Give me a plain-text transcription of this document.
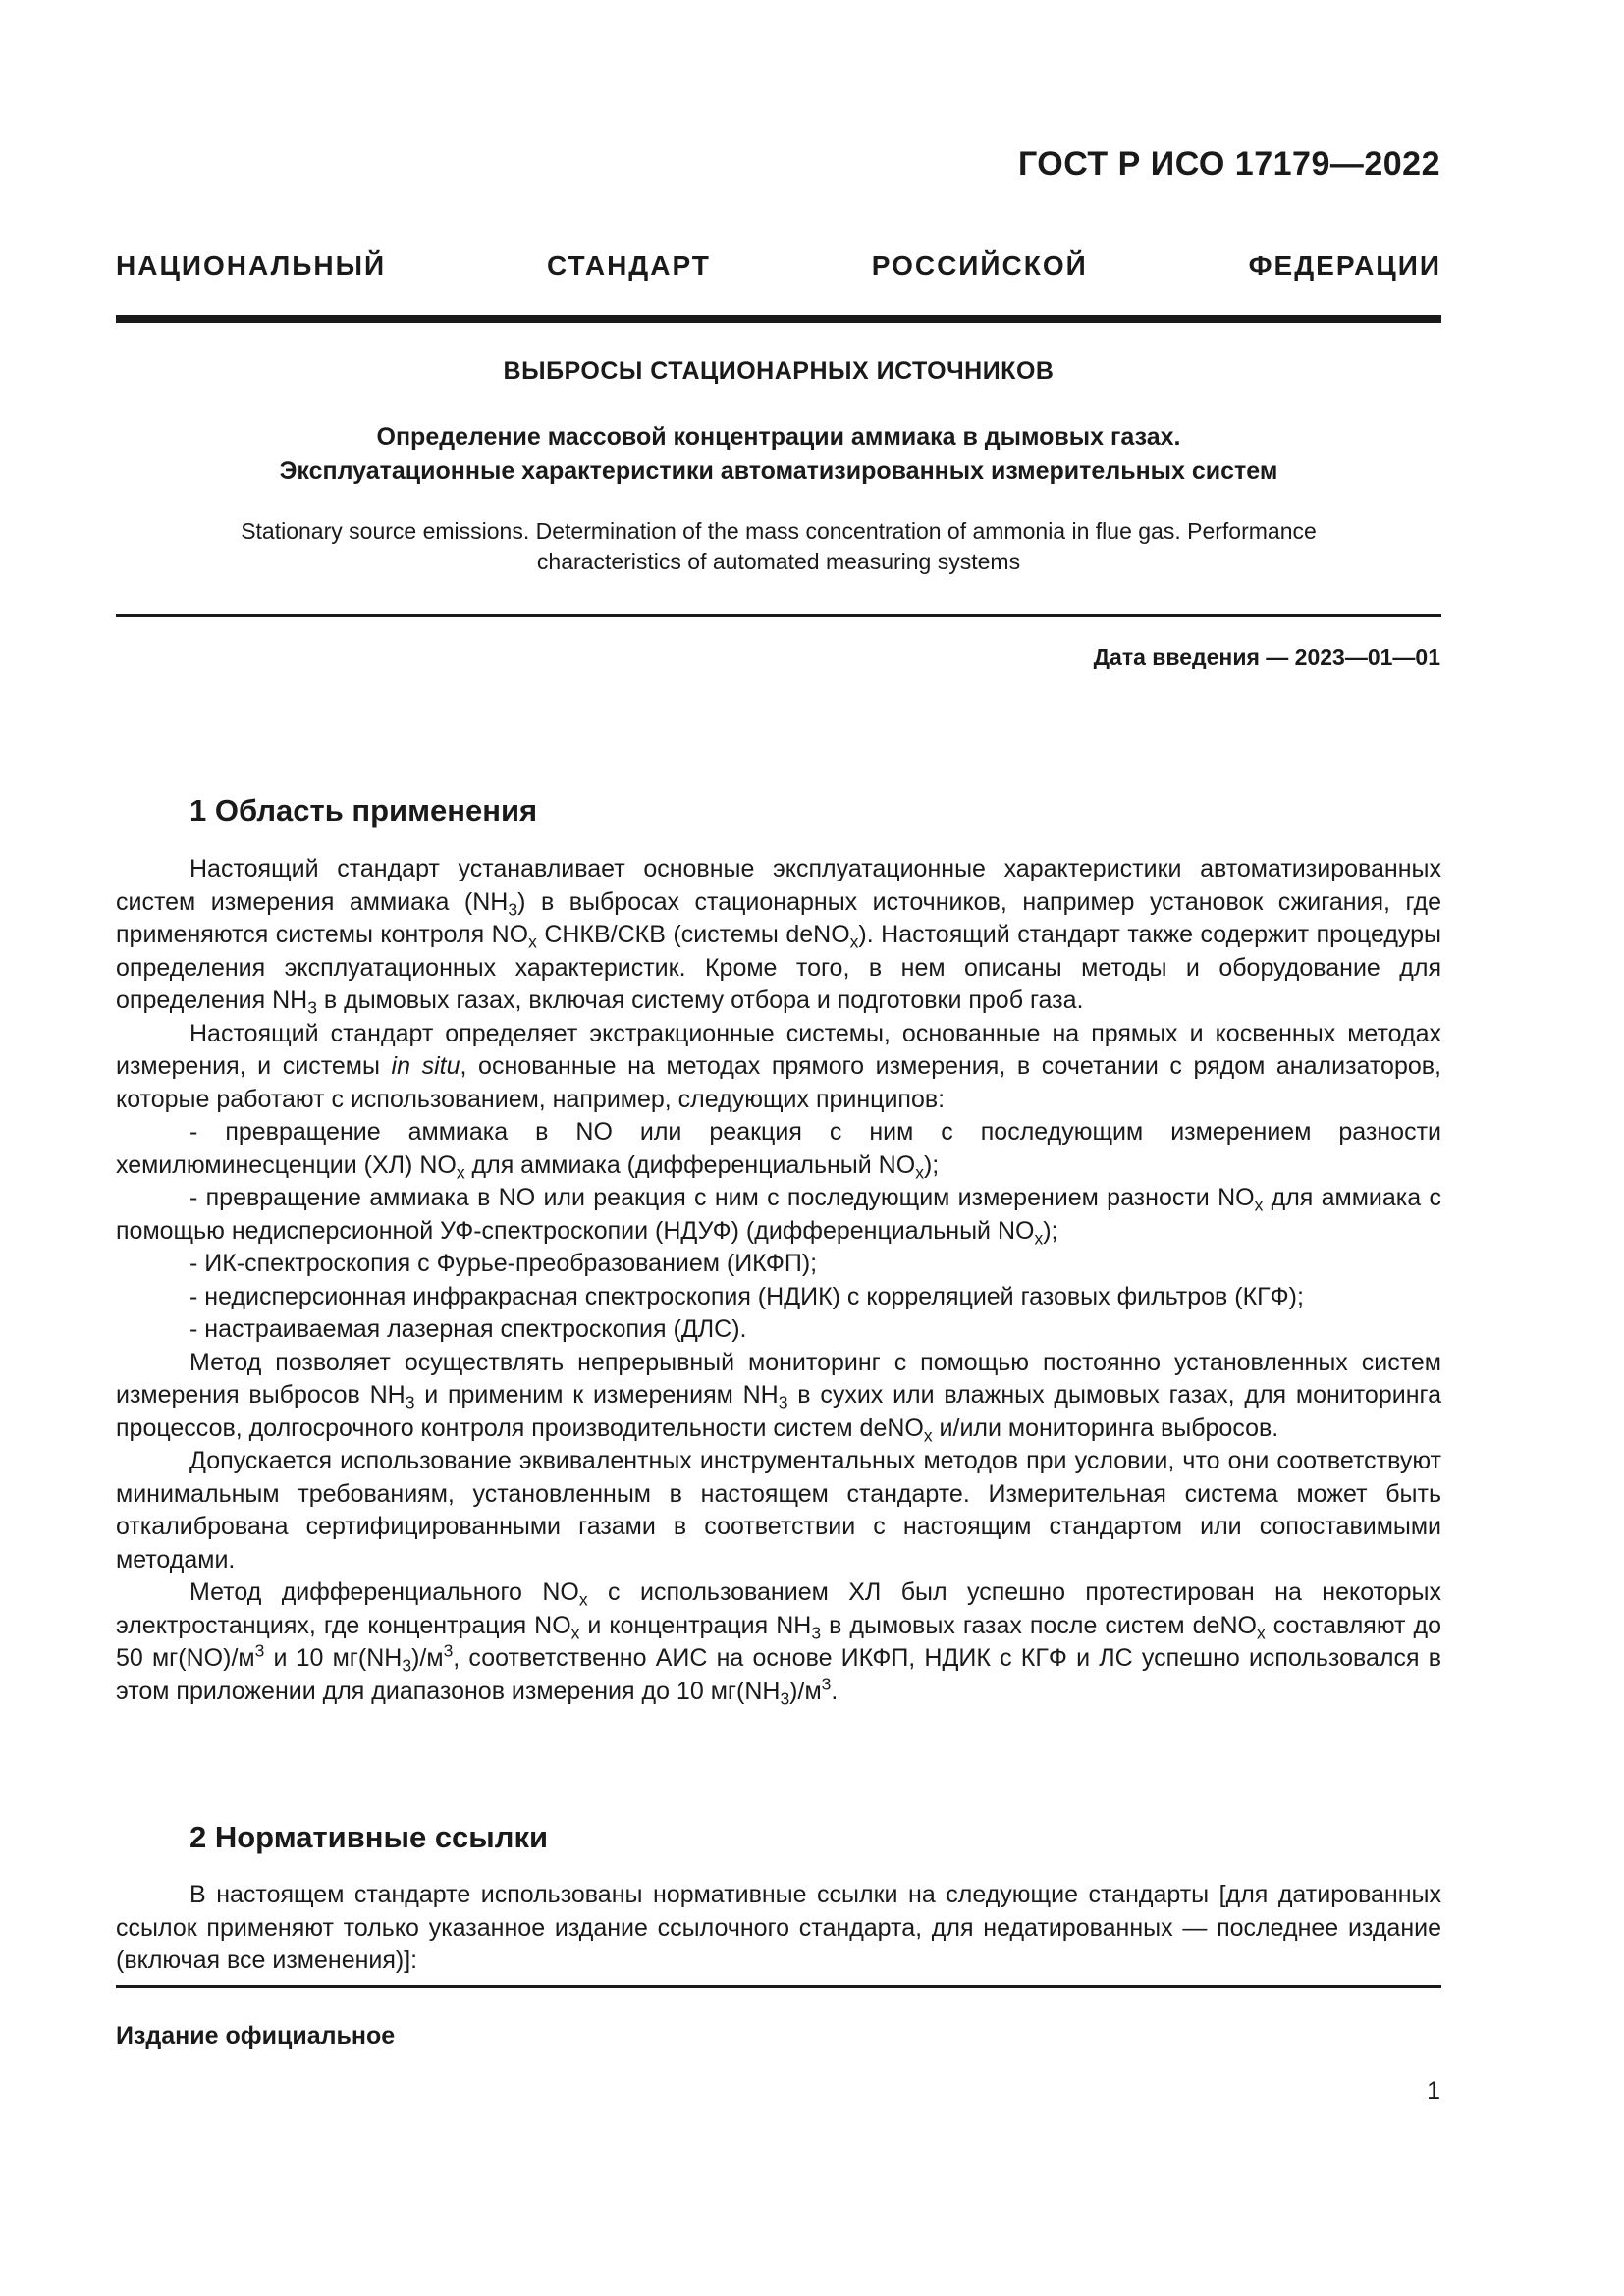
ГОСТ Р ИСО 17179—2022
НАЦИОНАЛЬНЫЙ СТАНДАРТ РОССИЙСКОЙ ФЕДЕРАЦИИ
ВЫБРОСЫ СТАЦИОНАРНЫХ ИСТОЧНИКОВ
Определение массовой концентрации аммиака в дымовых газах.
Эксплуатационные характеристики автоматизированных измерительных систем
Stationary source emissions. Determination of the mass concentration of ammonia in flue gas. Performance
characteristics of automated measuring systems
Дата введения — 2023—01—01
1 Область применения

Настоящий стандарт устанавливает основные эксплуатационные характеристики автоматизированных систем измерения аммиака $(NH_3)$ в выбросах стационарных источников, например установок сжигания, где применяются системы контроля $NO_x$ СНКВ/СКВ (системы deNO$_x$). Настоящий стандарт также содержит процедуры определения эксплуатационных характеристик. Кроме того, в нем описаны методы и оборудование для определения $NH_3$ в дымовых газах, включая систему отбора и подготовки проб газа.

Настоящий стандарт определяет экстракционные системы, основанные на прямых и косвенных методах измерения, и системы in situ, основанные на методах прямого измерения, в сочетании с рядом анализаторов, которые работают с использованием, например, следующих принципов:

- превращение аммиака в NO или реакция с ним с последующим измерением разности хемилюминесценции (ХЛ) $NO_x$ для аммиака (дифференциальный $NO_x$);

- превращение аммиака в NO или реакция с ним с последующим измерением разности $NO_x$ для аммиака с помощью недисперсионной УФ-спектроскопии (НДУФ) (дифференциальный $NO_x$);

- ИК-спектроскопия с Фурье-преобразованием (ИКФП);

- недисперсионная инфракрасная спектроскопия (НДИК) с корреляцией газовых фильтров (КГФ);

- настраиваемая лазерная спектроскопия (ДЛС).

Метод позволяет осуществлять непрерывный мониторинг с помощью постоянно установленных систем измерения выбросов $NH_3$ и применим к измерениям $NH_3$ в сухих или влажных дымовых газах, для мониторинга процессов, долгосрочного контроля производительности систем deNO$_x$ и/или мониторинга выбросов.

Допускается использование эквивалентных инструментальных методов при условии, что они соответствуют минимальным требованиям, установленным в настоящем стандарте. Измерительная система может быть откалибрована сертифицированными газами в соответствии с настоящим стандартом или сопоставимыми методами.

Метод дифференциального $NO_x$ с использованием ХЛ был успешно протестирован на некоторых электростанциях, где концентрация $NO_x$ и концентрация $NH_3$ в дымовых газах после систем deNO$_x$ составляют до 50 $мг(NO)/м^3$ и 10 $мг(NH_3)/м^3$, соответственно АИС на основе ИКФП, НДИК с КГФ и ЛС успешно использовался в этом приложении для диапазонов измерения до 10 $мг(NH_3)/м^3$.

2 Нормативные ссылки

В настоящем стандарте использованы нормативные ссылки на следующие стандарты [для датированных ссылок применяют только указанное издание ссылочного стандарта, для недатированных — последнее издание (включая все изменения)]:

Издание официальное
1
